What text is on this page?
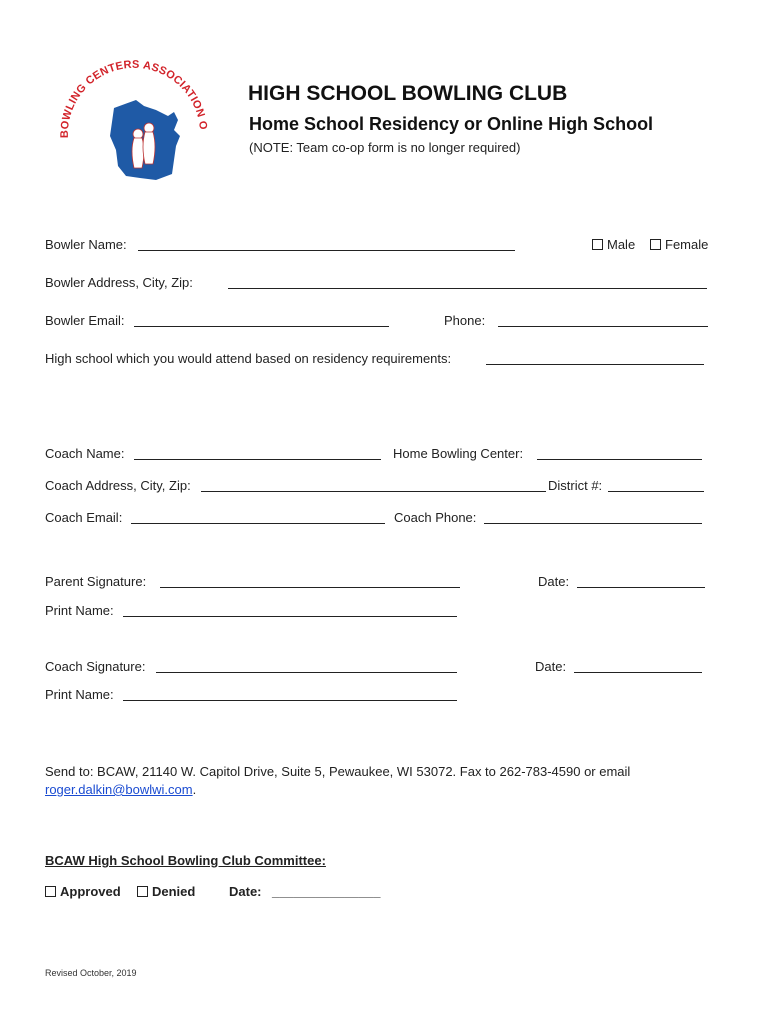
BOWLING CENTERS ASSOCIATION O
HIGH SCHOOL BOWLING CLUB
Home School Residency or Online High School
(NOTE: Team co-op form is no longer required)
Bowler Name:	Male	Female
Bowler Address, City, Zip:
Bowler Email:	Phone:
High school which you would attend based on residency requirements:
Coach Name:	Home Bowling Center:
Coach Address, City, Zip:	District #:
Coach Email:	Coach Phone:
Parent Signature:	Date:
Print Name:
Coach Signature:	Date:
Print Name:
Send to: BCAW, 21140 W. Capitol Drive, Suite 5, Pewaukee, WI 53072. Fax to 262-783-4590 or email
roger.dalkin@bowlwi.com.
BCAW High School Bowling Club Committee:
Approved	Denied	Date: _______________
Revised October, 2019
